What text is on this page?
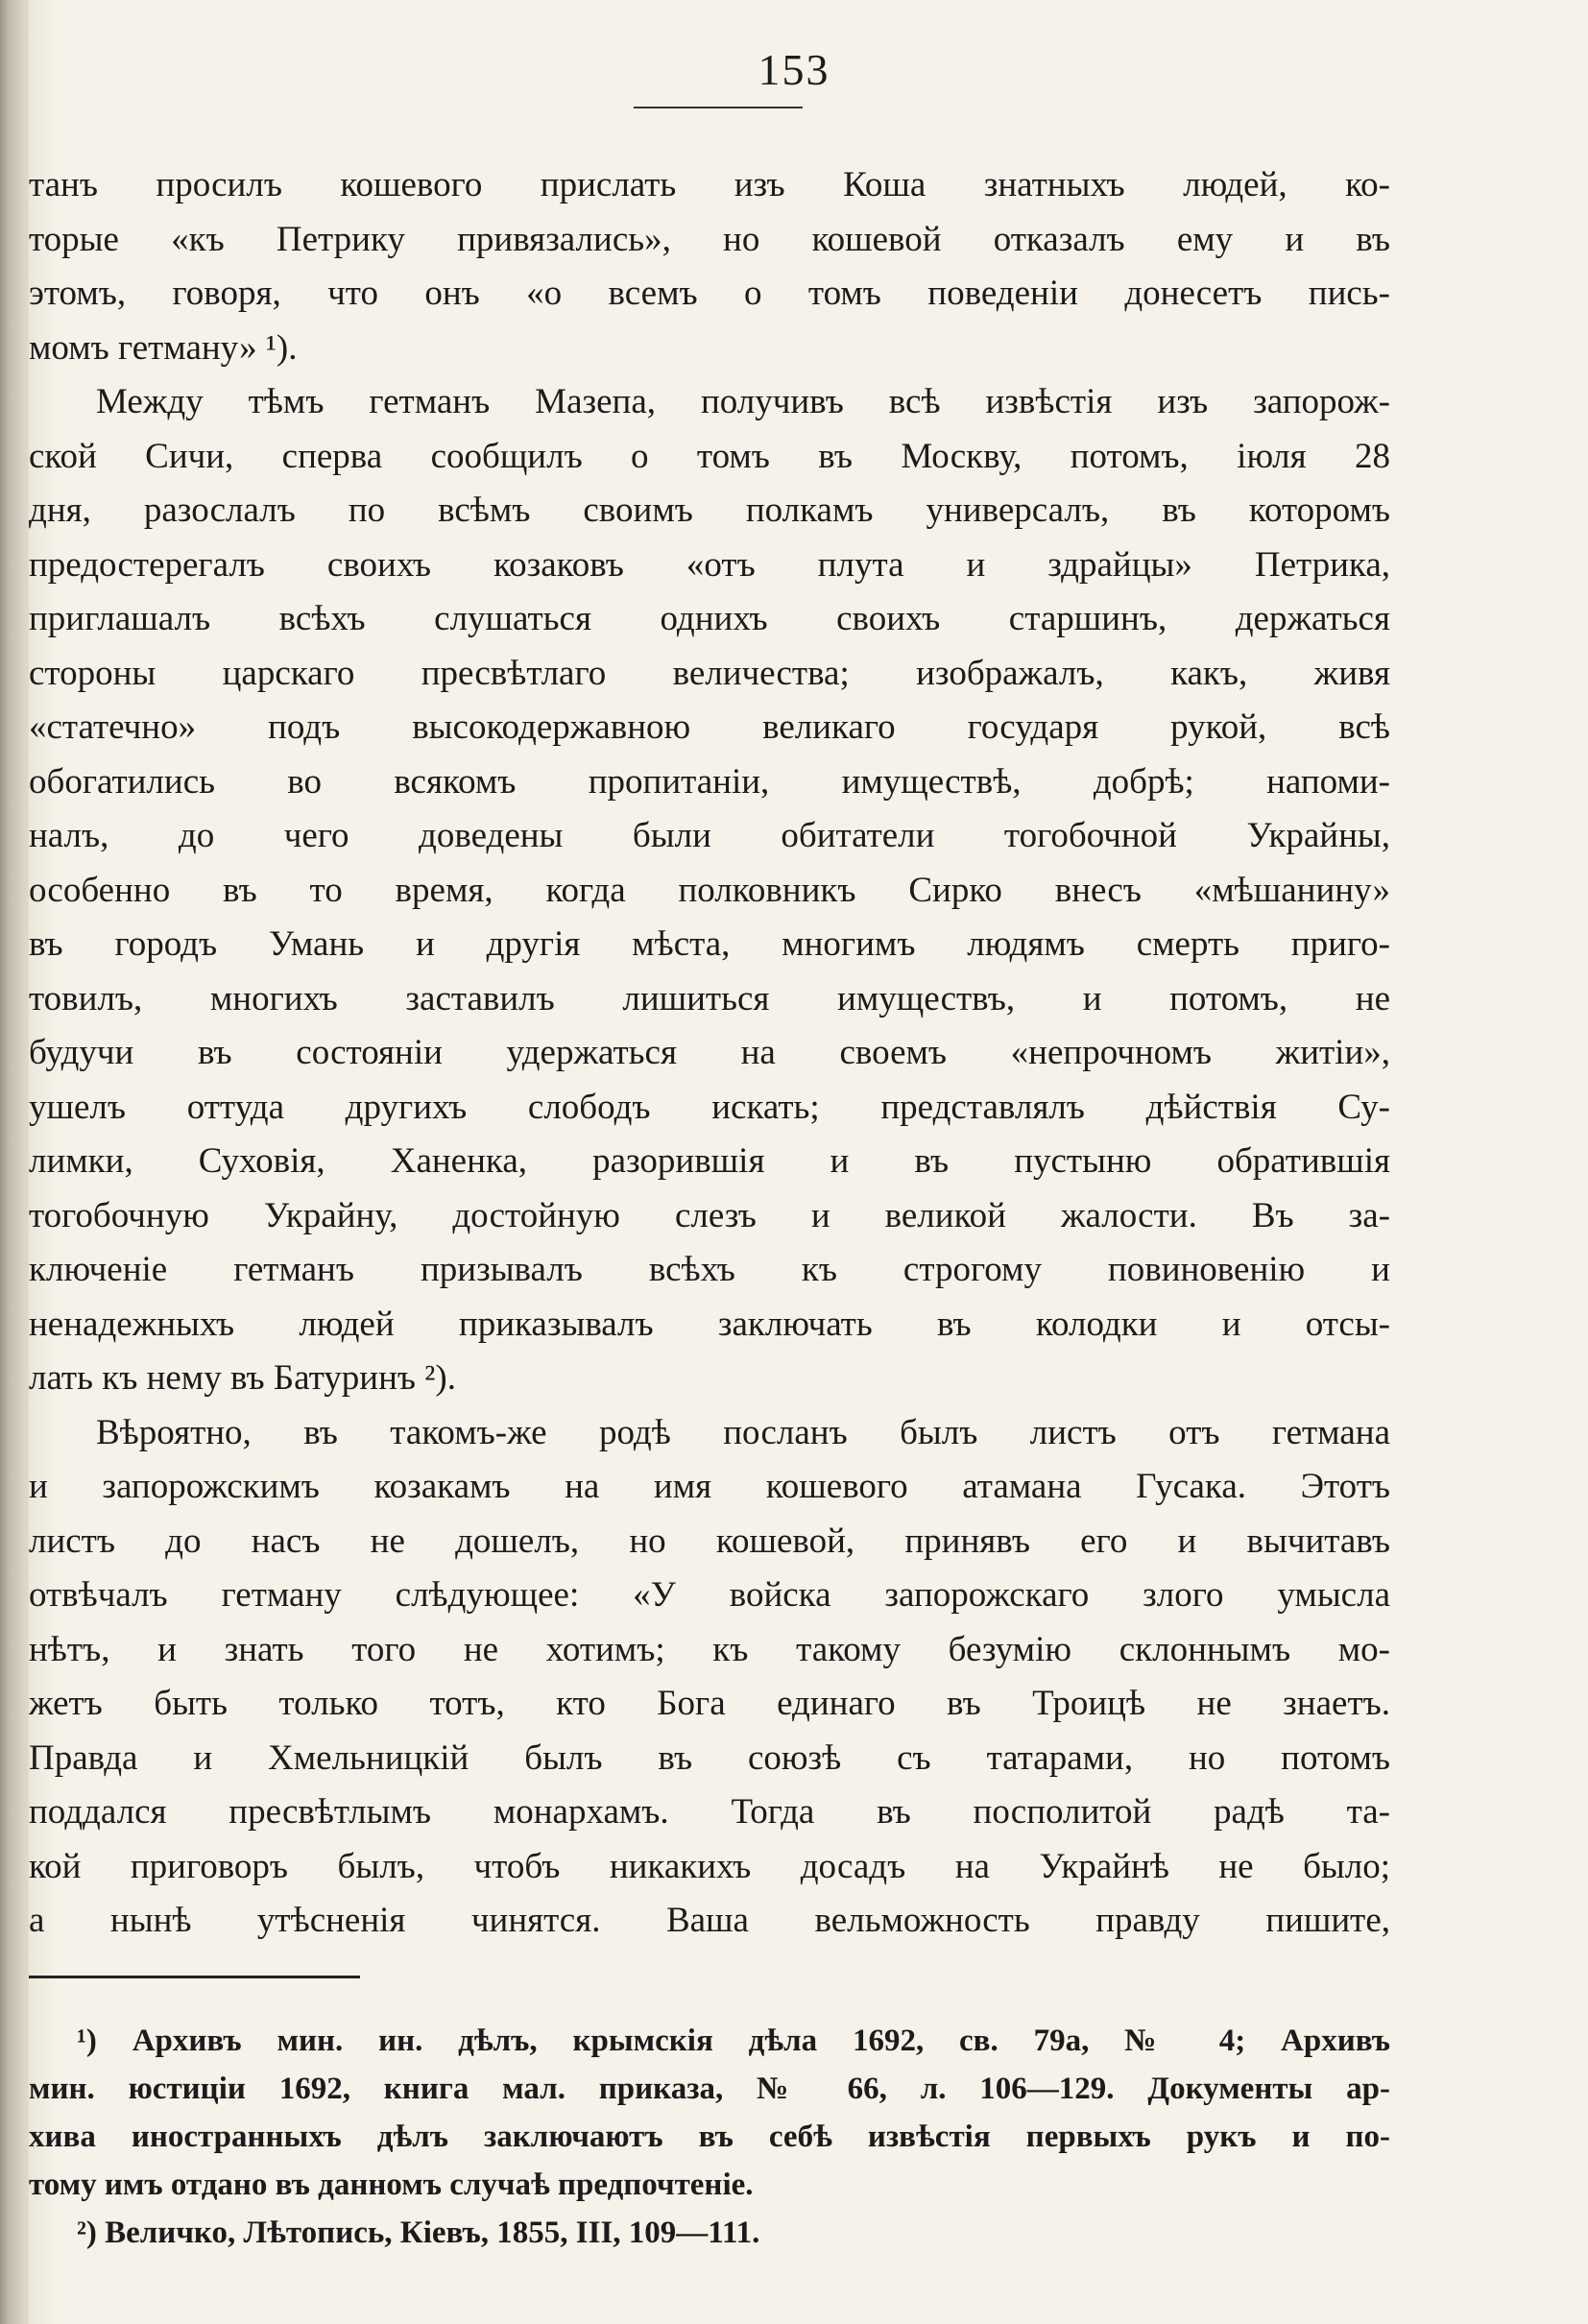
153
танъ просилъ кошевого прислать изъ Коша знатныхъ людей, ко-
торые «къ Петрику привязались», но кошевой отказалъ ему и въ
этомъ, говоря, что онъ «о всемъ о томъ поведеніи донесетъ пись-
момъ гетману» ¹).
Между тѣмъ гетманъ Мазепа, получивъ всѣ извѣстія изъ запорож-
ской Сичи, сперва сообщилъ о томъ въ Москву, потомъ, іюля 28
дня, разослалъ по всѣмъ своимъ полкамъ универсалъ, въ которомъ
предостерегалъ своихъ козаковъ «отъ плута и здрайцы» Петрика,
приглашалъ всѣхъ слушаться однихъ своихъ старшинъ, держаться
стороны царскаго пресвѣтлаго величества; изображалъ, какъ, живя
«статечно» подъ высокодержавною великаго государя рукой, всѣ
обогатились во всякомъ пропитаніи, имуществѣ, добрѣ; напоми-
налъ, до чего доведены были обитатели тогобочной Украйны,
особенно въ то время, когда полковникъ Сирко внесъ «мѣшанину»
въ городъ Умань и другія мѣста, многимъ людямъ смерть приго-
товилъ, многихъ заставилъ лишиться имуществъ, и потомъ, не
будучи въ состояніи удержаться на своемъ «непрочномъ житіи»,
ушелъ оттуда другихъ слободъ искать; представлялъ дѣйствія Су-
лимки, Суховія, Ханенка, разорившія и въ пустыню обратившія
тогобочную Украйну, достойную слезъ и великой жалости. Въ за-
ключеніе гетманъ призывалъ всѣхъ къ строгому повиновенію и
ненадежныхъ людей приказывалъ заключать въ колодки и отсы-
лать къ нему въ Батуринъ ²).
Вѣроятно, въ такомъ-же родѣ посланъ былъ листъ отъ гетмана
и запорожскимъ козакамъ на имя кошевого атамана Гусака. Этотъ
листъ до насъ не дошелъ, но кошевой, принявъ его и вычитавъ
отвѣчалъ гетману слѣдующее: «У войска запорожскаго злого умысла
нѣтъ, и знать того не хотимъ; къ такому безумію склоннымъ мо-
жетъ быть только тотъ, кто Бога единаго въ Троицѣ не знаетъ.
Правда и Хмельницкій былъ въ союзѣ съ татарами, но потомъ
поддался пресвѣтлымъ монархамъ. Тогда въ посполитой радѣ та-
кой приговоръ былъ, чтобъ никакихъ досадъ на Украйнѣ не было;
а нынѣ утѣсненія чинятся. Ваша вельможность правду пишите,
¹) Архивъ мин. ин. дѣлъ, крымскія дѣла 1692, св. 79а, № 4; Архивъ
мин. юстиціи 1692, книга мал. приказа, № 66, л. 106—129. Документы ар-
хива иностранныхъ дѣлъ заключаютъ въ себѣ извѣстія первыхъ рукъ и по-
тому имъ отдано въ данномъ случаѣ предпочтеніе.
²) Величко, Лѣтопись, Кіевъ, 1855, III, 109—111.
